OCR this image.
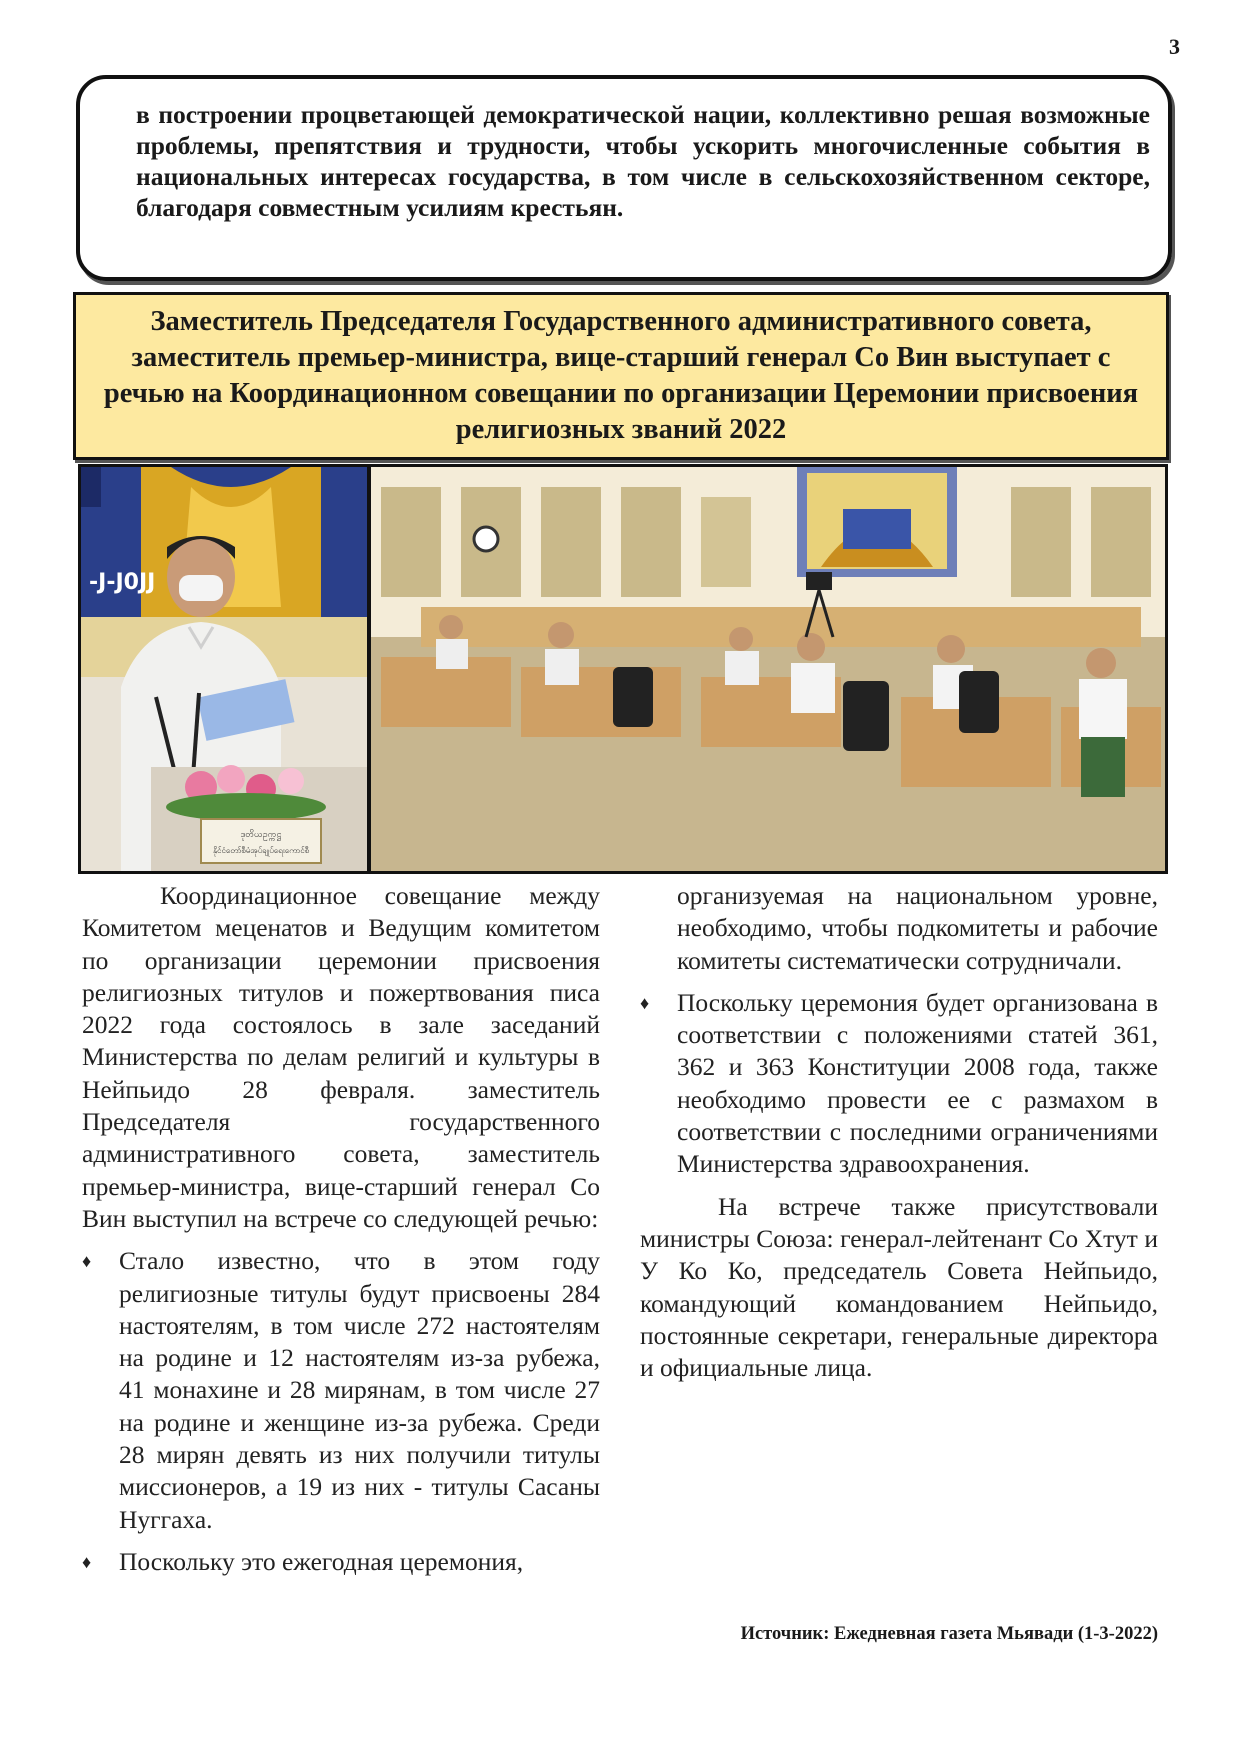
3

в построении процветающей демократической нации, коллективно решая возможные проблемы, препятствия и трудности, чтобы ускорить многочисленные события в национальных интересах государства, в том числе в сельскохозяйственном секторе, благодаря совместным усилиям крестьян.

Заместитель Председателя Государственного административного совета, заместитель премьер-министра, вице-старший генерал Со Вин выступает с речью на Координационном совещании по организации Церемонии присвоения религиозных званий 2022
-J-J0JJ
ဒုတိယဥက္ကဋ္ဌ
နိုင်ငံတော်စီမံအုပ်ချုပ်ရေးကောင်စီ

Координационное совещание между Комитетом меценатов и Ведущим комитетом по организации церемонии присвоения религиозных титулов и пожертвования писа 2022 года состоялось в зале заседаний Министерства по делам религий и культуры в Нейпьидо 28 февраля. заместитель Председателя государственного административного совета, заместитель премьер-министра, вице-старший генерал Со Вин выступил на встрече со следующей речью:

♦ Стало известно, что в этом году религиозные титулы будут присвоены 284 настоятелям, в том числе 272 настоятелям на родине и 12 настоятелям из-за рубежа, 41 монахине и 28 мирянам, в том числе 27 на родине и женщине из-за рубежа. Среди 28 мирян девять из них получили титулы миссионеров, а 19 из них - титулы Сасаны Нуггаха.
♦ Поскольку это ежегодная церемония,
организуемая на национальном уровне, необходимо, чтобы подкомитеты и рабочие комитеты систематически сотрудничали.
♦ Поскольку церемония будет организована в соответствии с положениями статей 361, 362 и 363 Конституции 2008 года, также необходимо провести ее с размахом в соответствии с последними ограничениями Министерства здравоохранения.

На встрече также присутствовали министры Союза: генерал-лейтенант Со Хтут и У Ко Ко, председатель Совета Нейпьидо, командующий командованием Нейпьидо, постоянные секретари, генеральные директора и официальные лица.

Источник: Ежедневная газета Мьявади (1-3-2022)
